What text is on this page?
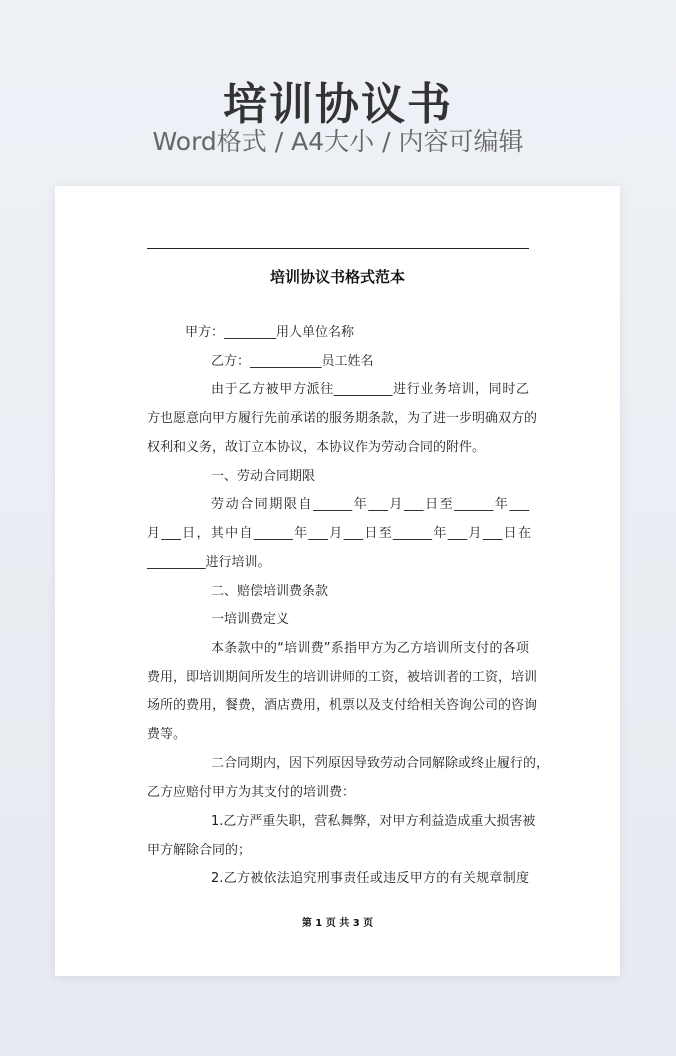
培训协议书
Word格式 / A4大小 / 内容可编辑
培训协议书格式范本
甲方：________用人单位名称
乙方：___________员工姓名
由于乙方被甲方派往_________进行业务培训，同时乙
方也愿意向甲方履行先前承诺的服务期条款，为了进一步明确双方的
权利和义务，故订立本协议，本协议作为劳动合同的附件。
一、劳动合同期限
劳动合同期限自______年___月___日至______年___
月___日，其中自______年___月___日至______年___月___日在
_________进行培训。
二、赔偿培训费条款
一培训费定义
本条款中的“培训费”系指甲方为乙方培训所支付的各项
费用，即培训期间所发生的培训讲师的工资，被培训者的工资，培训
场所的费用，餐费，酒店费用，机票以及支付给相关咨询公司的咨询
费等。
二合同期内，因下列原因导致劳动合同解除或终止履行的，
乙方应赔付甲方为其支付的培训费：
1.乙方严重失职，营私舞弊，对甲方利益造成重大损害被
甲方解除合同的；
2.乙方被依法追究刑事责任或违反甲方的有关规章制度
第 1 页 共 3 页
